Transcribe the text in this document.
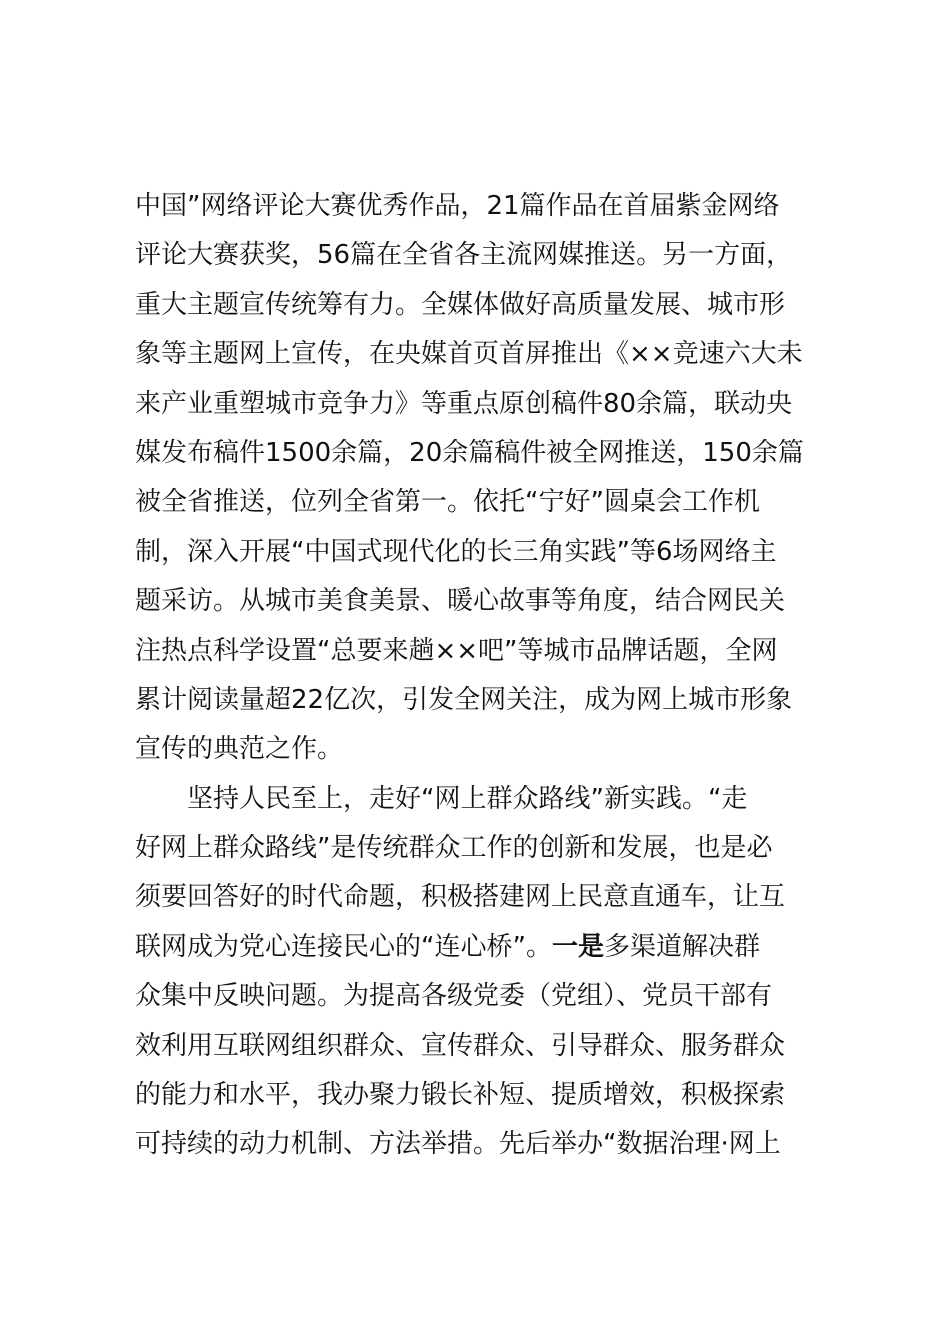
中国”网络评论大赛优秀作品，21篇作品在首届紫金网络
评论大赛获奖，56篇在全省各主流网媒推送。另一方面，
重大主题宣传统筹有力。全媒体做好高质量发展、城市形
象等主题网上宣传，在央媒首页首屏推出《××竞速六大未
来产业重塑城市竞争力》等重点原创稿件80余篇，联动央
媒发布稿件1500余篇，20余篇稿件被全网推送，150余篇
被全省推送，位列全省第一。依托“宁好”圆桌会工作机
制，深入开展“中国式现代化的长三角实践”等6场网络主
题采访。从城市美食美景、暖心故事等角度，结合网民关
注热点科学设置“总要来趟××吧”等城市品牌话题，全网
累计阅读量超22亿次，引发全网关注，成为网上城市形象
宣传的典范之作。
坚持人民至上，走好“网上群众路线”新实践。“走
好网上群众路线”是传统群众工作的创新和发展，也是必
须要回答好的时代命题，积极搭建网上民意直通车，让互
联网成为党心连接民心的“连心桥”。一是多渠道解决群
众集中反映问题。为提高各级党委（党组）、党员干部有
效利用互联网组织群众、宣传群众、引导群众、服务群众
的能力和水平，我办聚力锻长补短、提质增效，积极探索
可持续的动力机制、方法举措。先后举办“数据治理·网上
